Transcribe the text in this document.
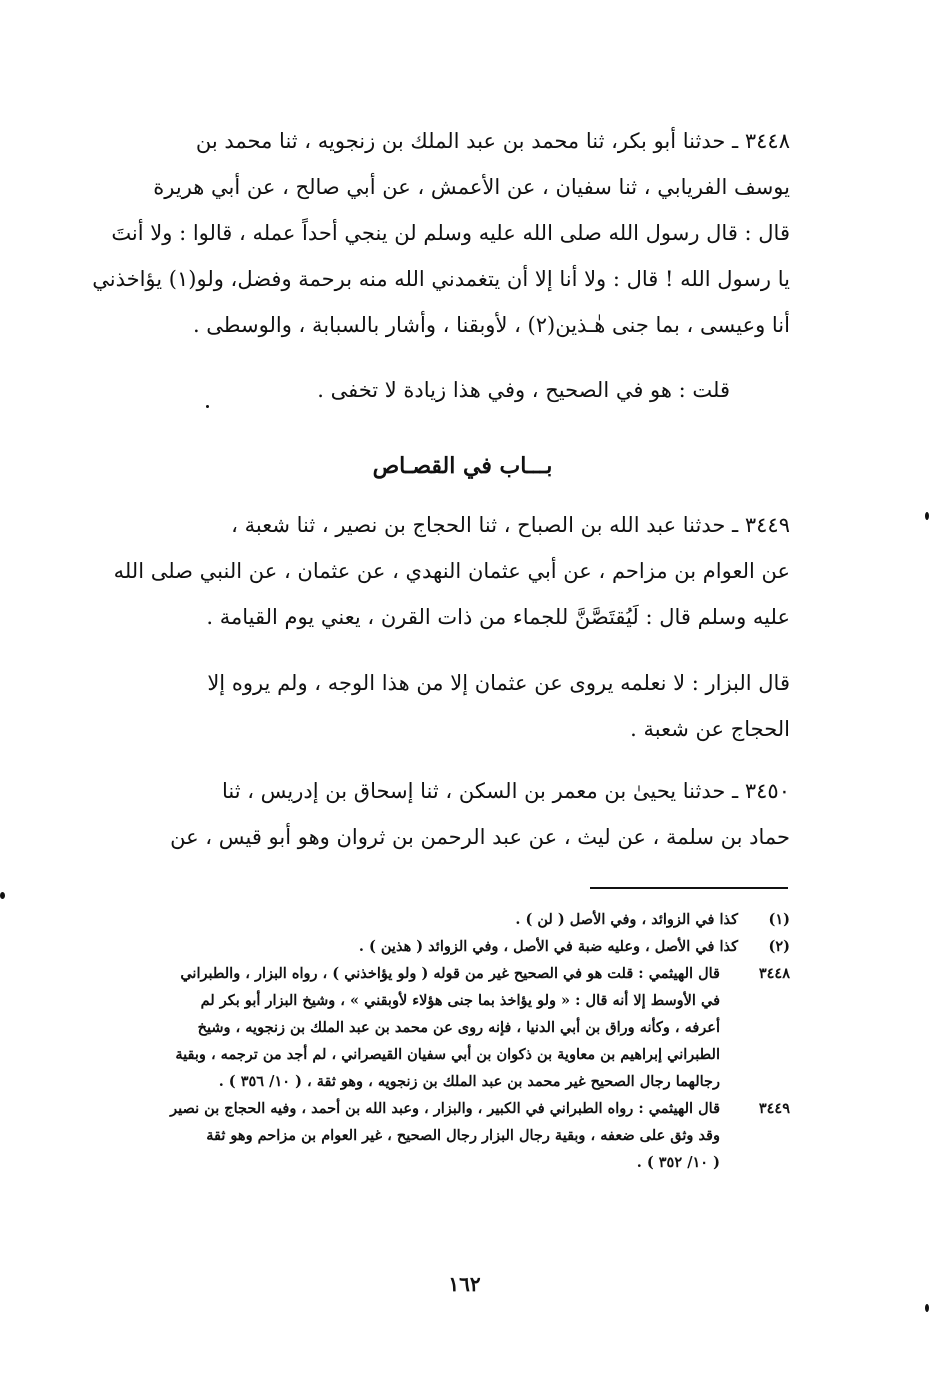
٣٤٤٨ ـ حدثنا أبو بكر، ثنا محمد بن عبد الملك بن زنجويه ، ثنا محمد بن
يوسف الفريابي ، ثنا سفيان ، عن الأعمش ، عن أبي صالح ، عن أبي هريرة
قال : قال رسول الله صلى الله عليه وسلم لن ينجي أحداً عمله ، قالوا : ولا أنتَ
يا رسول الله ! قال : ولا أنا إلا أن يتغمدني الله منه برحمة وفضل، ولو(١) يؤاخذني
أنا وعيسى ، بما جنى هٰـذين(٢) ، لأوبقنا ، وأشار بالسبابة ، والوسطى .
قلت : هو في الصحيح ، وفي هذا زيادة لا تخفى .
بـــاب في القصـاص
٣٤٤٩ ـ حدثنا عبد الله بن الصباح ، ثنا الحجاج بن نصير ، ثنا شعبة ،
عن العوام بن مزاحم ، عن أبي عثمان النهدي ، عن عثمان ، عن النبي صلى الله
عليه وسلم قال : لَيُقتَصَّنَّ للجماء من ذات القرن ، يعني يوم القيامة .
قال البزار : لا نعلمه يروى عن عثمان إلا من هذا الوجه ، ولم يروه إلا
الحجاج عن شعبة .
٣٤٥٠ ـ حدثنا يحيىٰ بن معمر بن السكن ، ثنا إسحاق بن إدريس ، ثنا
حماد بن سلمة ، عن ليث ، عن عبد الرحمن بن ثروان وهو أبو قيس ، عن
(١)
كذا في الزوائد ، وفي الأصل ( لن ) .
(٢)
كذا في الأصل ، وعليه ضبة في الأصل ، وفي الزوائد ( هذين ) .
٣٤٤٨
قال الهيثمي : قلت هو في الصحيح غير من قوله ( ولو يؤاخذني ) ، رواه البزار ، والطبراني
في الأوسط إلا أنه قال : « ولو يؤاخذ بما جنى هؤلاء لأوبقني » ، وشيخ البزار أبو بكر لم
أعرفه ، وكأنه وراق بن أبي الدنيا ، فإنه روى عن محمد بن عبد الملك بن زنجويه ، وشيخ
الطبراني إبراهيم بن معاوية بن ذكوان بن أبي سفيان القيصراني ، لم أجد من ترجمه ، وبقية
رجالهما رجال الصحيح غير محمد بن عبد الملك بن زنجويه ، وهو ثقة ، ( ١٠/ ٣٥٦ ) .
٣٤٤٩
قال الهيثمي : رواه الطبراني في الكبير ، والبزار ، وعبد الله بن أحمد ، وفيه الحجاج بن نصير
وقد وثق على ضعفه ، وبقية رجال البزار رجال الصحيح ، غير العوام بن مزاحم وهو ثقة
( ١٠/ ٣٥٢ ) .
١٦٢
